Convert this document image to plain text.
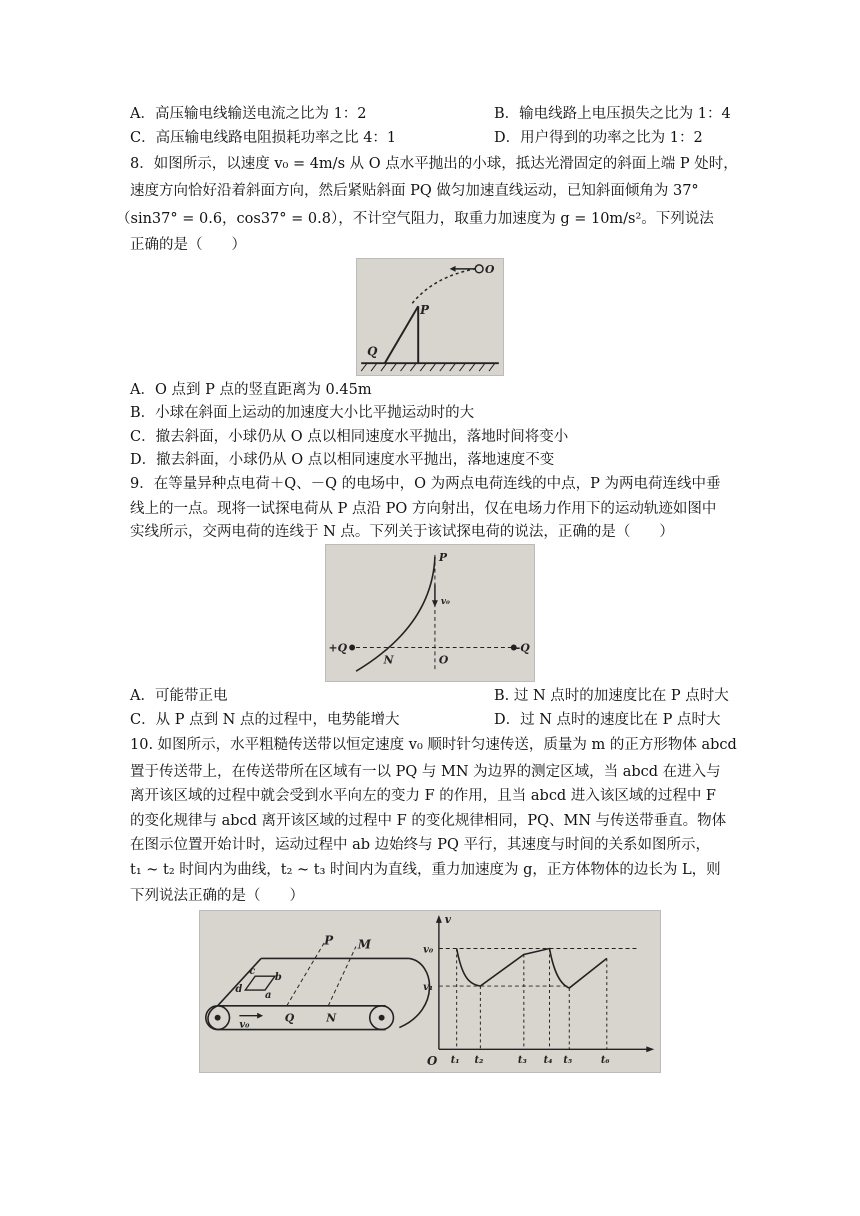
A．高压输电线输送电流之比为 1：2	B．输电线路上电压损失之比为 1：4
C．高压输电线路电阻损耗功率之比 4：1	D．用户得到的功率之比为 1：2
8．如图所示，以速度 v₀ = 4m/s 从 O 点水平抛出的小球，抵达光滑固定的斜面上端 P 处时，
速度方向恰好沿着斜面方向，然后紧贴斜面 PQ 做匀加速直线运动，已知斜面倾角为 37°
（sin37° = 0.6，cos37° = 0.8），不计空气阻力，取重力加速度为 g = 10m/s²。下列说法
正确的是（　　）
P
Q
O
A．O 点到 P 点的竖直距离为 0.45m
B．小球在斜面上运动的加速度大小比平抛运动时的大
C．撤去斜面，小球仍从 O 点以相同速度水平抛出，落地时间将变小
D．撤去斜面，小球仍从 O 点以相同速度水平抛出，落地速度不变
9．在等量异种点电荷＋Q、－Q 的电场中，O 为两点电荷连线的中点，P 为两电荷连线中垂
线上的一点。现将一试探电荷从 P 点沿 PO 方向射出，仅在电场力作用下的运动轨迹如图中
实线所示，交两电荷的连线于 N 点。下列关于该试探电荷的说法，正确的是（　　）
P
v₀
+Q	-Q
N	O
A．可能带正电	B. 过 N 点时的加速度比在 P 点时大
C．从 P 点到 N 点的过程中，电势能增大	D．过 N 点时的速度比在 P 点时大
10. 如图所示，水平粗糙传送带以恒定速度 v₀ 顺时针匀速传送，质量为 m 的正方形物体 abcd
置于传送带上，在传送带所在区域有一以 PQ 与 MN 为边界的测定区域，当 abcd 在进入与
离开该区域的过程中就会受到水平向左的变力 F 的作用，且当 abcd 进入该区域的过程中 F
的变化规律与 abcd 离开该区域的过程中 F 的变化规律相同，PQ、MN 与传送带垂直。物体
在图示位置开始计时，运动过程中 ab 边始终与 PQ 平行，其速度与时间的关系如图所示，
t₁ ~ t₂ 时间内为曲线，t₂ ~ t₃ 时间内为直线，重力加速度为 g，正方体物体的边长为 L，则
下列说法正确的是（　　）
P M
a
b
c
d
v₀
Q	N
v
v₀
v₁
O t₁ t₂	t₃ t₄ t₅	t₆
